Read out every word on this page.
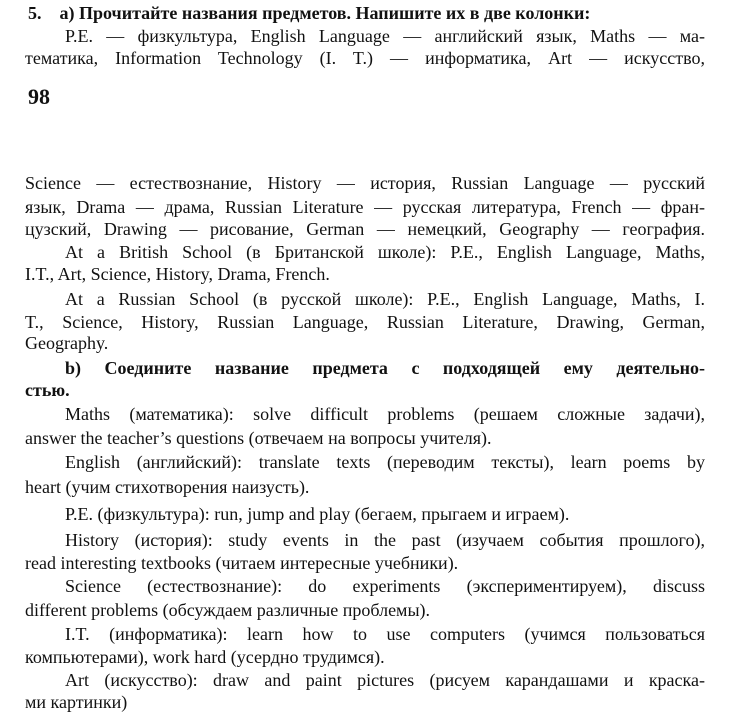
5. a) Прочитайте названия предметов. Напишите их в две колонки:
P.E. — физкультура, English Language — английский язык, Maths — ма-
тематика, Information Technology (I. T.) — информатика, Art — искусство,
98
Science — естествознание, History — история, Russian Language — русский
язык, Drama — драма, Russian Literature — русская литература, French — фран-
цузский, Drawing — рисование, German — немецкий, Geography — география.
At a British School (в Британской школе): P.E., English Language, Maths,
I.T., Art, Science, History, Drama, French.
At a Russian School (в русской школе): P.E., English Language, Maths, I.
T., Science, History, Russian Language, Russian Literature, Drawing, German,
Geography.
b) Соедините название предмета с подходящей ему деятельно-
стью.
Maths (математика): solve difficult problems (решаем сложные задачи),
answer the teacher’s questions (отвечаем на вопросы учителя).
English (английский): translate texts (переводим тексты), learn poems by
heart (учим стихотворения наизусть).
P.E. (физкультура): run, jump and play (бегаем, прыгаем и играем).
History (история): study events in the past (изучаем события прошлого),
read interesting textbooks (читаем интересные учебники).
Science (естествознание): do experiments (экспериментируем), discuss
different problems (обсуждаем различные проблемы).
I.T. (информатика): learn how to use computers (учимся пользоваться
компьютерами), work hard (усердно трудимся).
Art (искусство): draw and paint pictures (рисуем карандашами и краска-
ми картинки)
